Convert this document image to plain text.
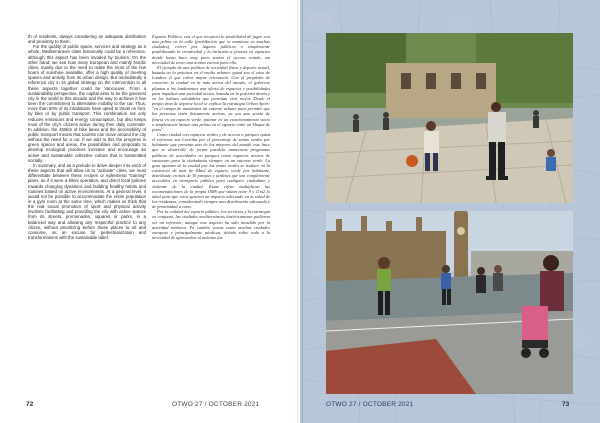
th of residents, always considering an adequate distribution and proximity to them.

For the quality of public space, services and strategy as a whole, Mediterranean cities historically could be a reference, although this aspect has been invaded by tourism. On the other hand; we see how many European and mainly Nordic cities, mainly due to the need to make the most of the few hours of sunshine available, offer a high quality of meeting spaces and activity from its urban design. But undoubtedly a reference city in its global strategy on the intervention in all these aspects together could be Vancouver. From a sustainability perspective, the capital aims to be the greenest city in the world in this decade and the way to achieve it has been the commitment to alternative mobility to the car. Thus, more than 50% of its inhabitants have opted to travel on foot, by bike or by public transport. This combination not only reduces emissions and energy consumption, but also keeps most of the city's citizens active during their daily commute. In addition, the 450km of bike lanes and the accessibility of public transport means that tourists can move around the city without the need for a car. If we add to this the progress in green spaces and areas, the possibilities and proposals to develop ecological practices increase and encourage an active and sustainable collective culture that is transmitted socially.

In summary, and as a prelude to delve deeper into each of these aspects that will allow us to "activate" cities, we must differentiate between these recipes or ephemeral "training" plans, as if it were a bikini operation, and direct local policies towards changing dynamics and building healthy habits and routines based on active environments. At a general level, it would not be possible to accommodate the entire population in a gym room at the same time, which makes us think that the real social promotion of sport and physical activity involves facilitating and providing the city with active spaces from its streets, promenades, squares or parks, in a balanced way and allowing any respectful practice to any citizen, without prioritizing before these places to sit and consume, as an excuse for pedestrianization and transformations with the sustainable label.

Espacio Público, con el que recupera la posibilidad de jugar con una pelota en la calle (prohibición que se mantiene en muchas ciudades), correr por lugares públicos o simplemente posibilitando la creatividad y la inclusión a jóvenes en espacios donde hasta hace muy poco tenían el acceso vetado, sin necesidad de tener una norma escrita para ello.

El ejemplo de una política de actividad física y deporte actual, basada en la práctica en el medio urbano, quizá sea el caso de Londres el que cobra mayor relevancia. Con el propósito de convertir la ciudad en la más activa del mundo, el gobierno plantea a los londinenses una oferta de espacios y posibilidades para impulsar una sociedad activa, basada en la práctica diaria y en los hábitos saludables que permitan vivir mejor. Desde el propio área de deporte local se explica la estrategia Urban Sport: "en el campo de maximizar un entorno urbano para permitir que las personas estén físicamente activas, ya sea una sesión de fitness en un espacio verde, patinar en un estacionamiento vacío o simplemente lanzar una pelota en el espacio entre un bloque de pisos".

Como ciudad con espacios verdes y de acceso a parques quizá el referente sea Curitiba por el porcentaje de zonas verdes por habitante que presenta uno de los mayores del mundo este hace que se desarrolle de forma paralela numerosos programas públicos de actividades en parques como espacios activos de encuentro para la ciudadanía siempre en un entorno verde. La gran apuesta de la ciudad por las zonas verdes se traduce en la existencia de más de 64m2 de espacio verde por habitante, distribuido en más de 30 parques y jardines que son complemente accesibles en transporte público para cualquier ciudadano y visitante de la ciudad. Estas cifras multiplican las recomendaciones de la propia OMS que sitúan entre 9 y 11m2 lo ideal para que estos generen un impacto adecuado en la salud de los residentes, considerando siempre una distribución adecuada y de proximidad a estos.

Por la calidad del espacio público, los servicios y la estrategia en conjunto, las ciudades mediterráneas históricamente pudieran ser un referente, aunque este aspecto ha sido invadido por la actividad turística. En cambio vemos como muchas ciudades europeas y principalmente nórdicas, debido sobre todo a la necesidad de aprovechar al máximo las

72	OTWO 27 / OCTOBER 2021	OTWO 27 / OCTOBER 2021	73
